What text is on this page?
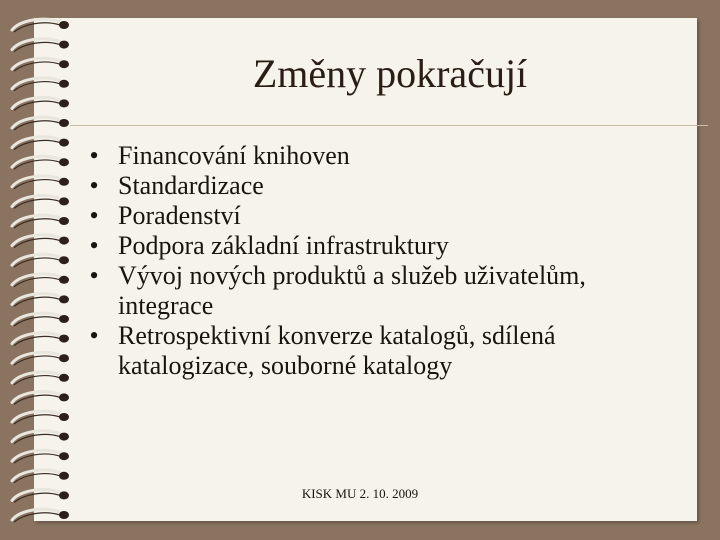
Změny pokračují
• Financování knihoven
• Standardizace
• Poradenství
• Podpora základní infrastruktury
• Vývoj nových produktů a služeb uživatelům, integrace
• Retrospektivní konverze katalogů, sdílená katalogizace, souborné katalogy
KISK MU 2. 10. 2009
